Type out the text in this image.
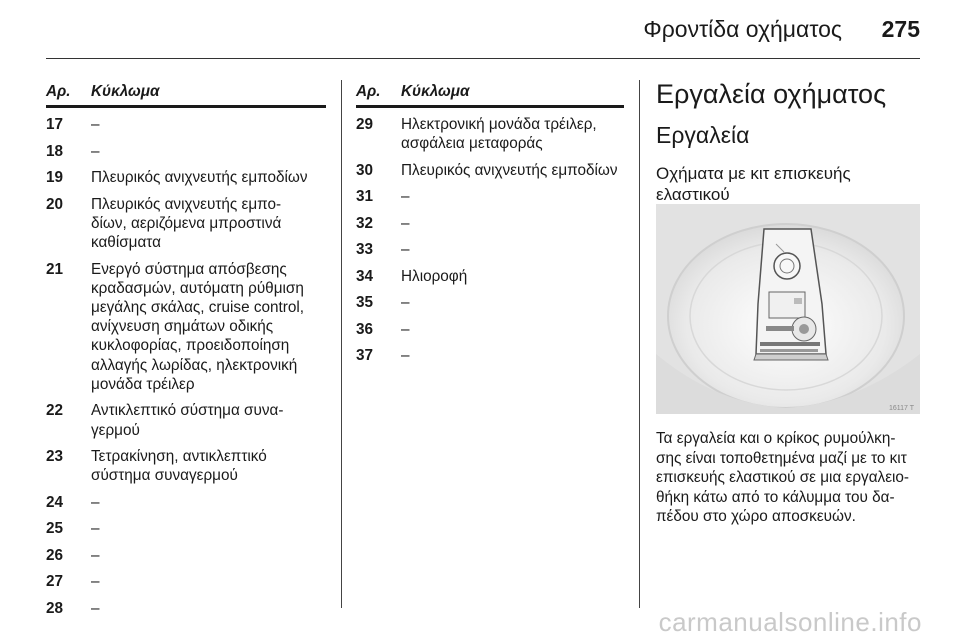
Φροντίδα οχήματος 275
Αρ.	Κύκλωμα
17	–
18	–
19	Πλευρικός ανιχνευτής εμποδίων
20	Πλευρικός ανιχνευτής εμπο-
δίων, αεριζόμενα μπροστινά
καθίσματα
21	Ενεργό σύστημα απόσβεσης
κραδασμών, αυτόματη ρύθμιση
μεγάλης σκάλας, cruise control,
ανίχνευση σημάτων οδικής
κυκλοφορίας, προειδοποίηση
αλλαγής λωρίδας, ηλεκτρονική
μονάδα τρέιλερ
22	Αντικλεπτικό σύστημα συνα-
γερμού
23	Τετρακίνηση, αντικλεπτικό
σύστημα συναγερμού
24	–
25	–
26	–
27	–
28	–
Αρ.	Κύκλωμα
29	Ηλεκτρονική μονάδα τρέιλερ,
ασφάλεια μεταφοράς
30	Πλευρικός ανιχνευτής εμποδίων
31	–
32	–
33	–
34	Ηλιοροφή
35	–
36	–
37	–
Εργαλεία οχήματος
Εργαλεία
Οχήματα με κιτ επισκευής
ελαστικού
16117 T
Τα εργαλεία και ο κρίκος ρυμούλκη-
σης είναι τοποθετημένα μαζί με το κιτ
επισκευής ελαστικού σε μια εργαλειο-
θήκη κάτω από το κάλυμμα του δα-
πέδου στο χώρο αποσκευών.
carmanualsonline.info
